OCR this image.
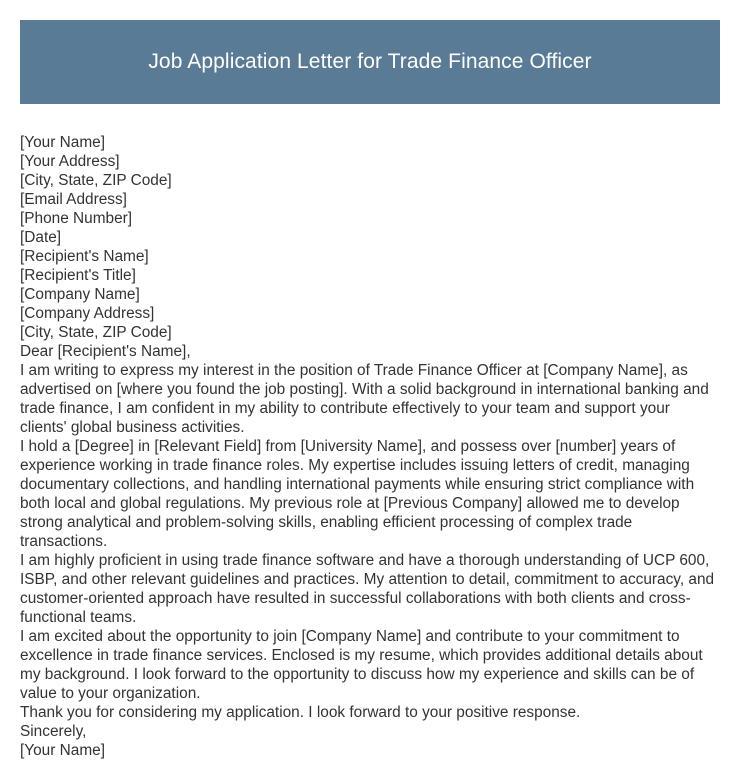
Job Application Letter for Trade Finance Officer
[Your Name]
[Your Address]
[City, State, ZIP Code]
[Email Address]
[Phone Number]
[Date]
[Recipient's Name]
[Recipient's Title]
[Company Name]
[Company Address]
[City, State, ZIP Code]
Dear [Recipient's Name],

I am writing to express my interest in the position of Trade Finance Officer at [Company Name], as advertised on [where you found the job posting]. With a solid background in international banking and trade finance, I am confident in my ability to contribute effectively to your team and support your clients' global business activities.

I hold a [Degree] in [Relevant Field] from [University Name], and possess over [number] years of experience working in trade finance roles. My expertise includes issuing letters of credit, managing documentary collections, and handling international payments while ensuring strict compliance with both local and global regulations. My previous role at [Previous Company] allowed me to develop strong analytical and problem-solving skills, enabling efficient processing of complex trade transactions.

I am highly proficient in using trade finance software and have a thorough understanding of UCP 600, ISBP, and other relevant guidelines and practices. My attention to detail, commitment to accuracy, and customer-oriented approach have resulted in successful collaborations with both clients and cross-functional teams.

I am excited about the opportunity to join [Company Name] and contribute to your commitment to excellence in trade finance services. Enclosed is my resume, which provides additional details about my background. I look forward to the opportunity to discuss how my experience and skills can be of value to your organization.

Thank you for considering my application. I look forward to your positive response.

Sincerely,
[Your Name]
